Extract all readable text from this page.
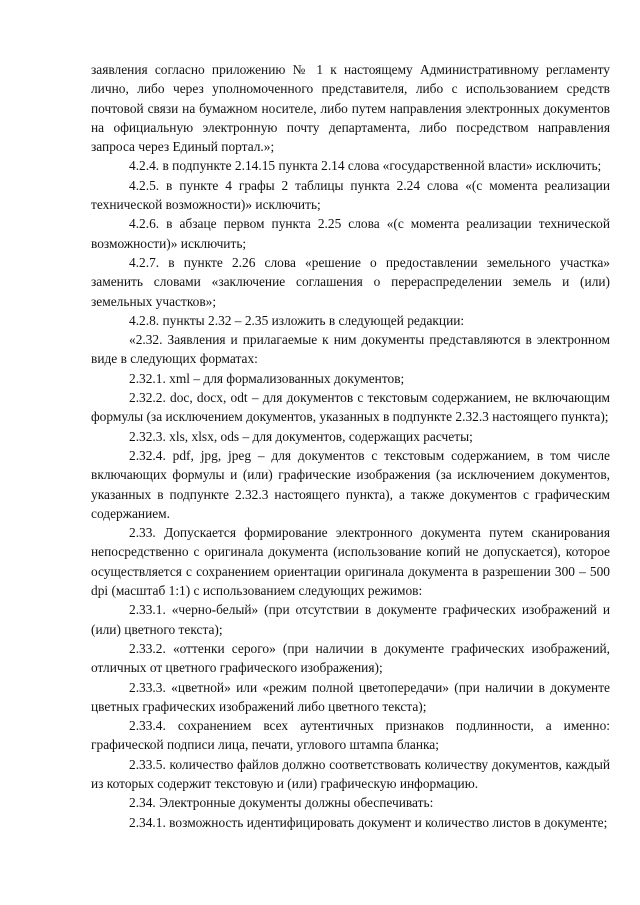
заявления согласно приложению № 1 к настоящему Административному регламенту лично, либо через уполномоченного представителя, либо с использованием средств почтовой связи на бумажном носителе, либо путем направления электронных документов на официальную электронную почту департамента, либо посредством направления запроса через Единый портал.»;

4.2.4. в подпункте 2.14.15 пункта 2.14 слова «государственной власти» исключить;

4.2.5. в пункте 4 графы 2 таблицы пункта 2.24 слова «(с момента реализации технической возможности)» исключить;

4.2.6. в абзаце первом пункта 2.25 слова «(с момента реализации технической возможности)» исключить;

4.2.7. в пункте 2.26 слова «решение о предоставлении земельного участка» заменить словами «заключение соглашения о перераспределении земель и (или) земельных участков»;

4.2.8. пункты 2.32 – 2.35 изложить в следующей редакции:

«2.32. Заявления и прилагаемые к ним документы представляются в электронном виде в следующих форматах:

2.32.1. xml – для формализованных документов;

2.32.2. doc, docx, odt – для документов с текстовым содержанием, не включающим формулы (за исключением документов, указанных в подпункте 2.32.3 настоящего пункта);

2.32.3. xls, xlsx, ods – для документов, содержащих расчеты;

2.32.4. pdf, jpg, jpeg – для документов с текстовым содержанием, в том числе включающих формулы и (или) графические изображения (за исключением документов, указанных в подпункте 2.32.3 настоящего пункта), а также документов с графическим содержанием.

2.33. Допускается формирование электронного документа путем сканирования непосредственно с оригинала документа (использование копий не допускается), которое осуществляется с сохранением ориентации оригинала документа в разрешении 300 – 500 dpi (масштаб 1:1) с использованием следующих режимов:

2.33.1. «черно-белый» (при отсутствии в документе графических изображений и (или) цветного текста);

2.33.2. «оттенки серого» (при наличии в документе графических изображений, отличных от цветного графического изображения);

2.33.3. «цветной» или «режим полной цветопередачи» (при наличии в документе цветных графических изображений либо цветного текста);

2.33.4. сохранением всех аутентичных признаков подлинности, а именно: графической подписи лица, печати, углового штампа бланка;

2.33.5. количество файлов должно соответствовать количеству документов, каждый из которых содержит текстовую и (или) графическую информацию.

2.34. Электронные документы должны обеспечивать:

2.34.1. возможность идентифицировать документ и количество листов в документе;
